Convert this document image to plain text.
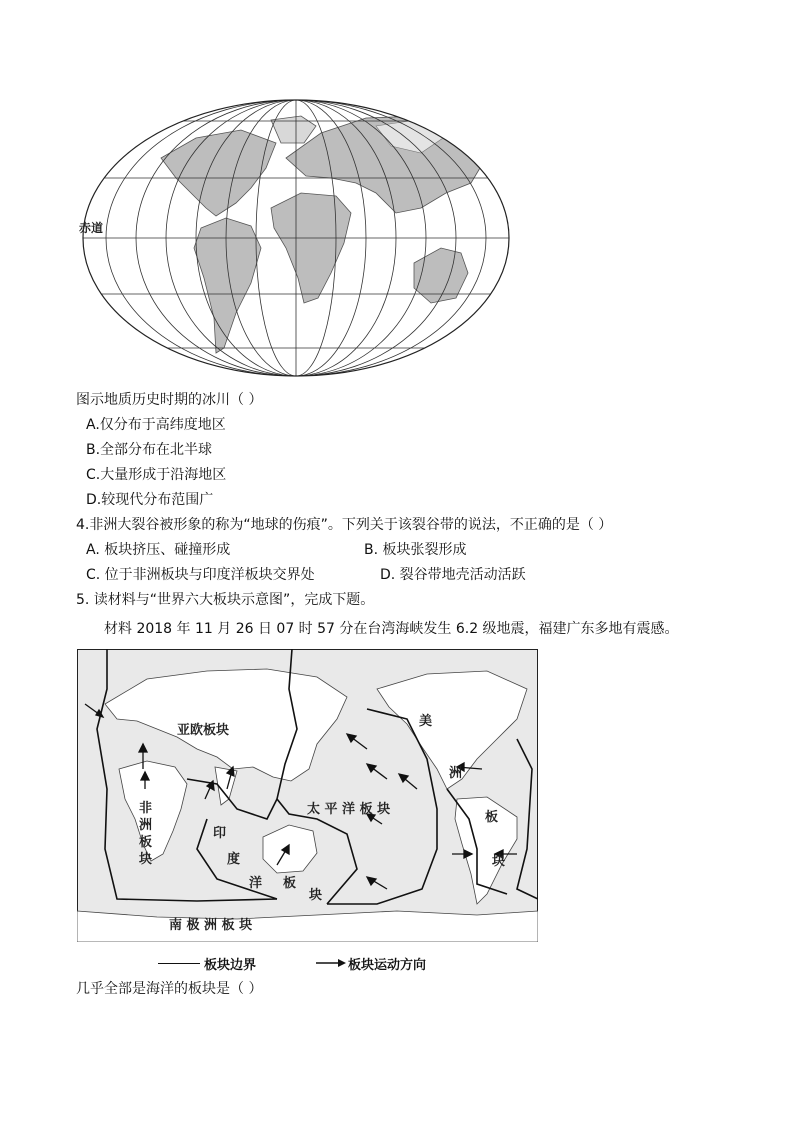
赤道
图示地质历史时期的冰川（ ）
A.仅分布于高纬度地区
B.全部分布在北半球
C.大量形成于沿海地区
D.较现代分布范围广
4.非洲大裂谷被形象的称为“地球的伤痕”。下列关于该裂谷带的说法，不正确的是（ ）
A. 板块挤压、碰撞形成	B. 板块张裂形成
C. 位于非洲板块与印度洋板块交界处	D. 裂谷带地壳活动活跃
5. 读材料与“世界六大板块示意图”，完成下题。
材料 2018 年 11 月 26 日 07 时 57 分在台湾海峡发生 6.2 级地震，福建广东多地有震感。
亚欧板块
美
洲
板
块
非
洲
板
块
印
度
洋 板
块
太 平 洋 板 块
南 极 洲 板 块
板块边界	板块运动方向
几乎全部是海洋的板块是（ ）
